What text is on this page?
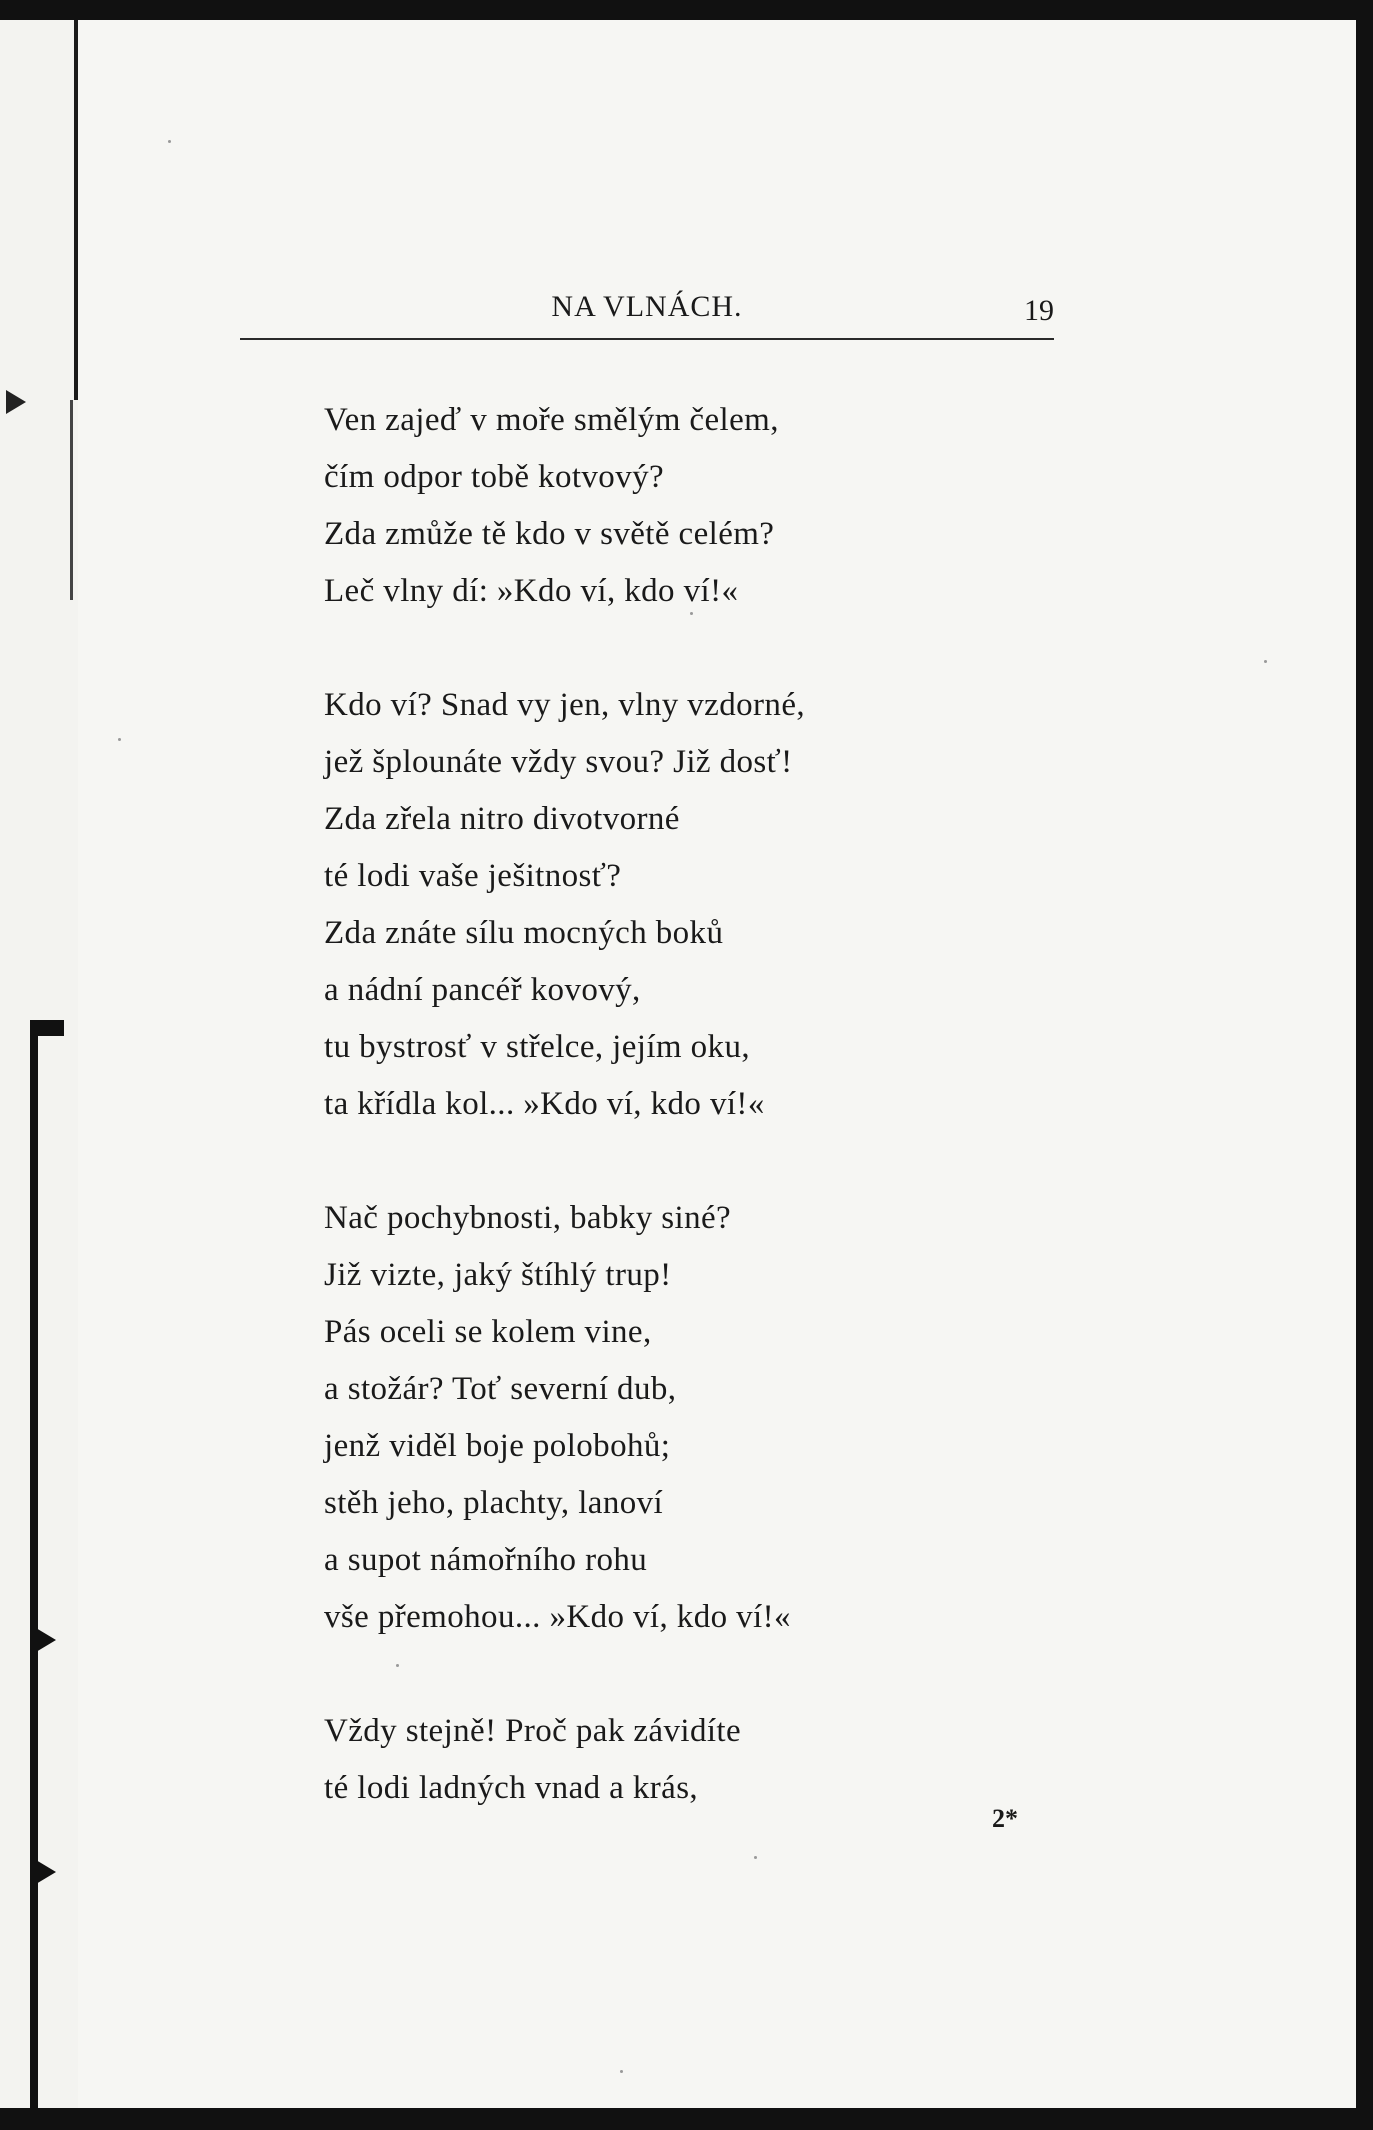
NA VLNÁCH.	19
Ven zajeď v moře smělým čelem,
čím odpor tobě kotvový?
Zda zmůže tě kdo v světě celém?
Leč vlny dí: »Kdo ví, kdo ví!«
Kdo ví? Snad vy jen, vlny vzdorné,
jež šplounáte vždy svou? Již dosť!
Zda zřela nitro divotvorné
té lodi vaše ješitnosť?
Zda znáte sílu mocných boků
a nádní pancéř kovový,
tu bystrosť v střelce, jejím oku,
ta křídla kol... »Kdo ví, kdo ví!«
Nač pochybnosti, babky siné?
Již vizte, jaký štíhlý trup!
Pás oceli se kolem vine,
a stožár? Toť severní dub,
jenž viděl boje polobohů;
stěh jeho, plachty, lanoví
a supot námořního rohu
vše přemohou... »Kdo ví, kdo ví!«
Vždy stejně! Proč pak závidíte
té lodi ladných vnad a krás,
2*
